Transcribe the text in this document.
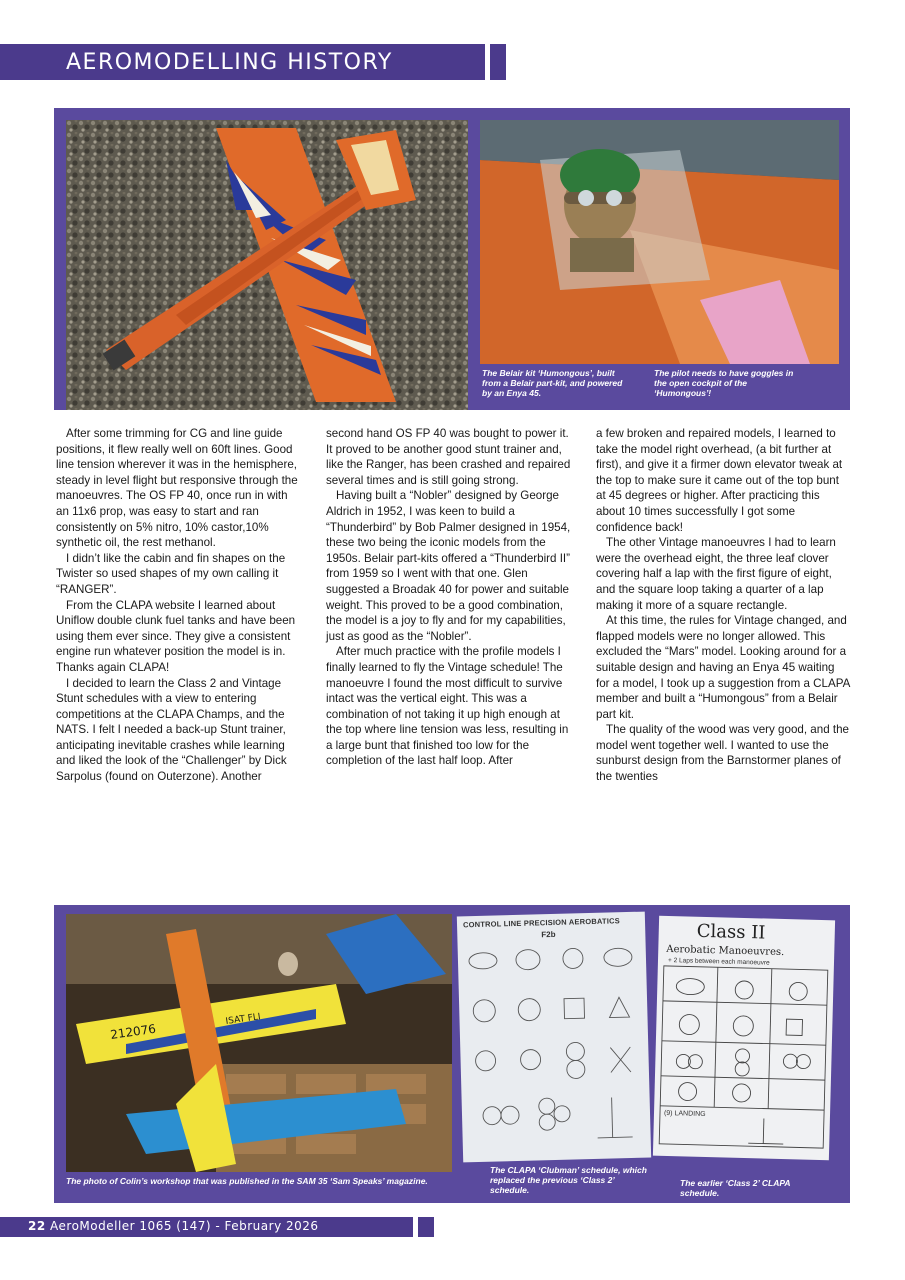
AEROMODELLING HISTORY
The Belair kit ‘Humongous’, built from a Belair part-kit, and powered by an Enya 45.
The pilot needs to have goggles in the open cockpit of the ‘Humongous’!

After some trimming for CG and line guide positions, it flew really well on 60ft lines. Good line tension wherever it was in the hemisphere, steady in level flight but responsive through the manoeuvres. The OS FP 40, once run in with an 11x6 prop, was easy to start and ran consistently on 5% nitro, 10% castor,10% synthetic oil, the rest methanol.

I didn’t like the cabin and fin shapes on the Twister so used shapes of my own calling it “RANGER”.

From the CLAPA website I learned about Uniflow double clunk fuel tanks and have been using them ever since. They give a consistent engine run whatever position the model is in. Thanks again CLAPA!

I decided to learn the Class 2 and Vintage Stunt schedules with a view to entering competitions at the CLAPA Champs, and the NATS. I felt I needed a back-up Stunt trainer, anticipating inevitable crashes while learning and liked the look of the “Challenger” by Dick Sarpolus (found on Outerzone). Another

second hand OS FP 40 was bought to power it. It proved to be another good stunt trainer and, like the Ranger, has been crashed and repaired several times and is still going strong.

Having built a “Nobler” designed by George Aldrich in 1952, I was keen to build a “Thunderbird” by Bob Palmer designed in 1954, these two being the iconic models from the 1950s. Belair part-kits offered a “Thunderbird II” from 1959 so I went with that one. Glen suggested a Broadak 40 for power and suitable weight. This proved to be a good combination, the model is a joy to fly and for my capabilities, just as good as the “Nobler”.

After much practice with the profile models I finally learned to fly the Vintage schedule! The manoeuvre I found the most difficult to survive intact was the vertical eight. This was a combination of not taking it up high enough at the top where line tension was less, resulting in a large bunt that finished too low for the completion of the last half loop. After

a few broken and repaired models, I learned to take the model right overhead, (a bit further at first), and give it a firmer down elevator tweak at the top to make sure it came out of the top bunt at 45 degrees or higher. After practicing this about 10 times successfully I got some confidence back!

The other Vintage manoeuvres I had to learn were the overhead eight, the three leaf clover covering half a lap with the first figure of eight, and the square loop taking a quarter of a lap making it more of a square rectangle.

At this time, the rules for Vintage changed, and flapped models were no longer allowed. This excluded the “Mars” model. Looking around for a suitable design and having an Enya 45 waiting for a model, I took up a suggestion from a CLAPA member and built a “Humongous” from a Belair part kit.

The quality of the wood was very good, and the model went together well. I wanted to use the sunburst design from the Barnstormer planes of the twenties

212076
ISAT FLI
The photo of Colin’s workshop that was published in the SAM 35 ‘Sam Speaks’ magazine.
CONTROL LINE PRECISION AEROBATICS
F2b
The CLAPA ‘Clubman’ schedule, which replaced the previous ‘Class 2’ schedule.
Class II
Aerobatic Manoeuvres.
+ 2 Laps between each manoeuvre
(9) LANDING
The earlier ‘Class 2’ CLAPA schedule.
22 AeroModeller 1065 (147) - February 2026
